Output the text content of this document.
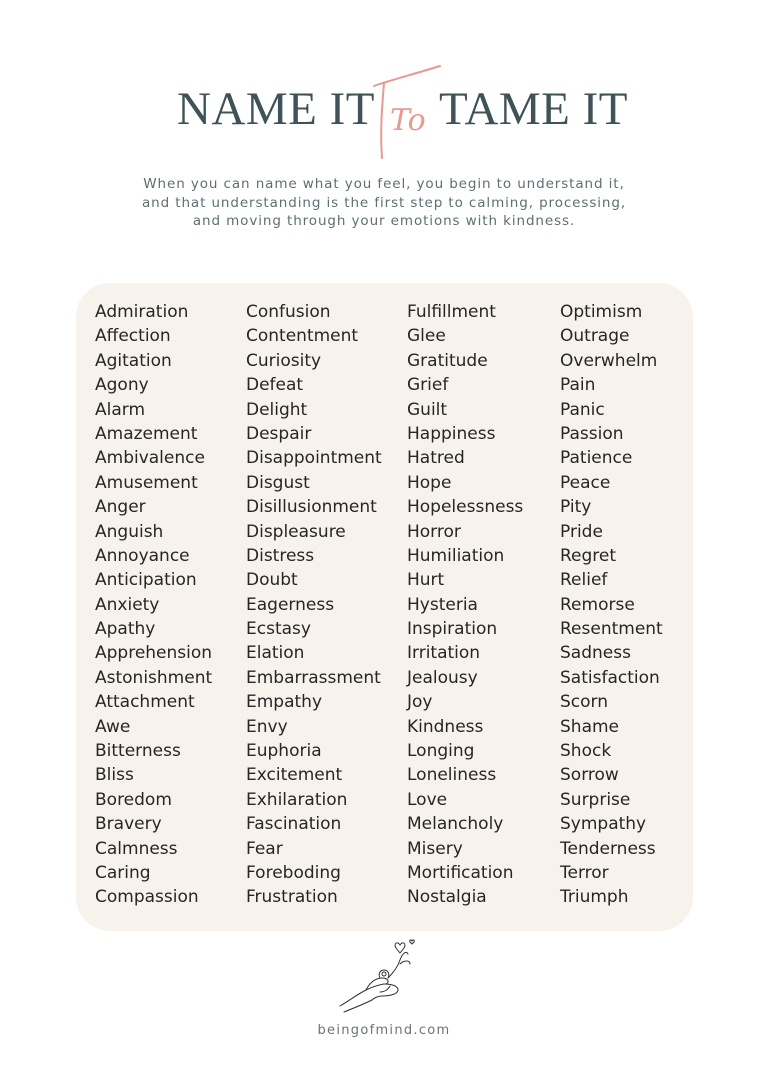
NAME IT To TAME IT
When you can name what you feel, you begin to understand it,
and that understanding is the first step to calming, processing,
and moving through your emotions with kindness.
Admiration
Affection
Agitation
Agony
Alarm
Amazement
Ambivalence
Amusement
Anger
Anguish
Annoyance
Anticipation
Anxiety
Apathy
Apprehension
Astonishment
Attachment
Awe
Bitterness
Bliss
Boredom
Bravery
Calmness
Caring
Compassion
Confusion
Contentment
Curiosity
Defeat
Delight
Despair
Disappointment
Disgust
Disillusionment
Displeasure
Distress
Doubt
Eagerness
Ecstasy
Elation
Embarrassment
Empathy
Envy
Euphoria
Excitement
Exhilaration
Fascination
Fear
Foreboding
Frustration
Fulfillment
Glee
Gratitude
Grief
Guilt
Happiness
Hatred
Hope
Hopelessness
Horror
Humiliation
Hurt
Hysteria
Inspiration
Irritation
Jealousy
Joy
Kindness
Longing
Loneliness
Love
Melancholy
Misery
Mortification
Nostalgia
Optimism
Outrage
Overwhelm
Pain
Panic
Passion
Patience
Peace
Pity
Pride
Regret
Relief
Remorse
Resentment
Sadness
Satisfaction
Scorn
Shame
Shock
Sorrow
Surprise
Sympathy
Tenderness
Terror
Triumph
beingofmind.com
